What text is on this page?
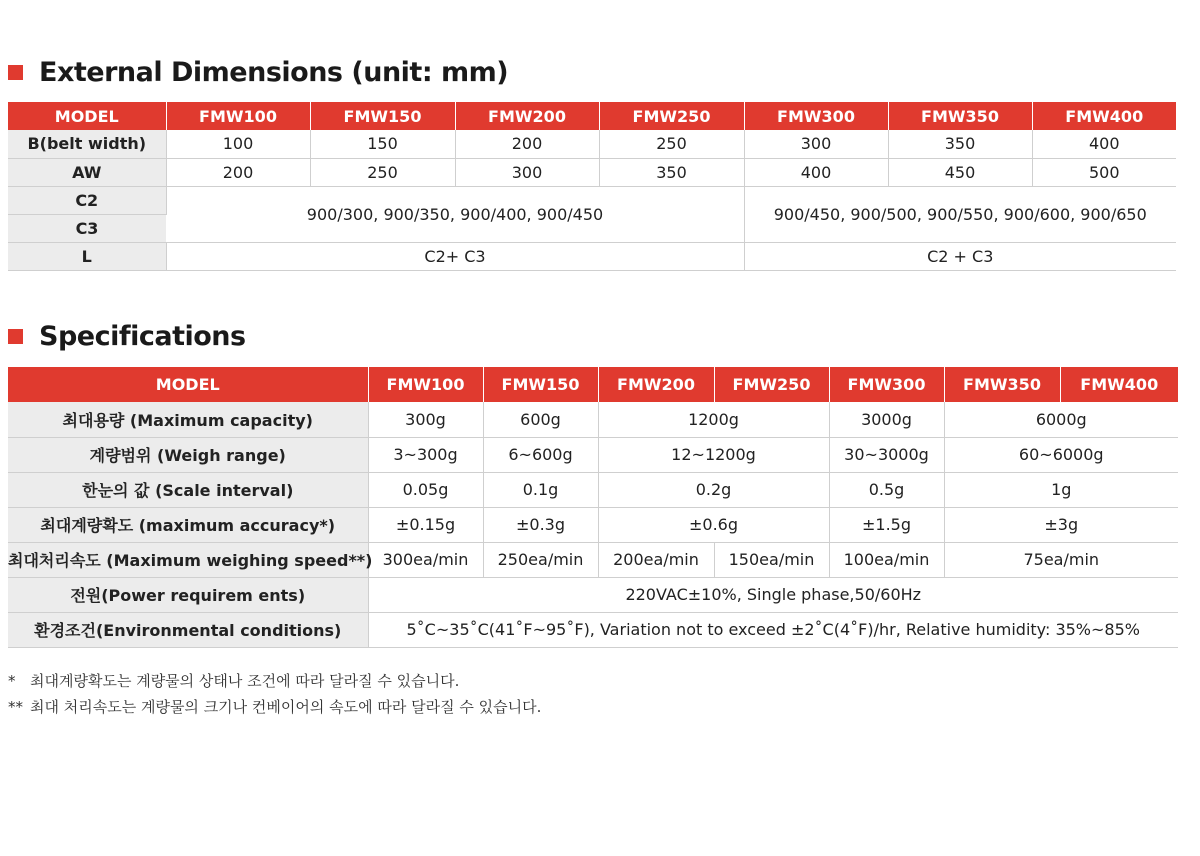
External Dimensions (unit: mm)
MODEL	FMW100	FMW150	FMW200	FMW250	FMW300	FMW350	FMW400
B(belt width)	100	150	200	250	300	350	400
AW	200	250	300	350	400	450	500
C2	900/300, 900/350, 900/400, 900/450				900/450, 900/500, 900/550, 900/600, 900/650		
C3							
L	C2+ C3				C2 + C3		
Specifications
MODEL	FMW100	FMW150	FMW200	FMW250	FMW300	FMW350	FMW400
최대용량 (Maximum capacity)	300g	600g	1200g		3000g	6000g	
계량범위 (Weigh range)	3~300g	6~600g	12~1200g		30~3000g	60~6000g	
한눈의 값 (Scale interval)	0.05g	0.1g	0.2g		0.5g	1g	
최대계량확도 (maximum accuracy*)	±0.15g	±0.3g	±0.6g		±1.5g	±3g	
최대처리속도 (Maximum weighing speed**)	300ea/min	250ea/min	200ea/min	150ea/min	100ea/min	75ea/min	
전원(Power requirem ents)	220VAC±10%, Single phase,50/60Hz						
환경조건(Environmental conditions)	5˚C~35˚C(41˚F~95˚F), Variation not to exceed ±2˚C(4˚F)/hr, Relative humidity: 35%~85%						
* 최대계량확도는 계량물의 상태나 조건에 따라 달라질 수 있습니다.
** 최대 처리속도는 계량물의 크기나 컨베이어의 속도에 따라 달라질 수 있습니다.
